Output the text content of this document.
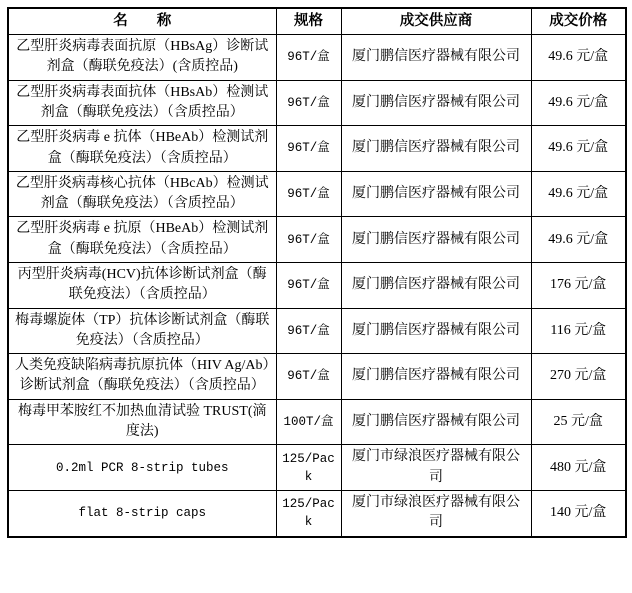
名　　称	规格	成交供应商	成交价格
乙型肝炎病毒表面抗原（HBsAg）诊断试剂盒（酶联免疫法）(含质控品)	96T/盒	厦门鹏信医疗器械有限公司	49.6 元/盒
乙型肝炎病毒表面抗体（HBsAb）检测试剂盒（酶联免疫法）（含质控品）	96T/盒	厦门鹏信医疗器械有限公司	49.6 元/盒
乙型肝炎病毒 e 抗体（HBeAb）检测试剂盒（酶联免疫法）（含质控品）	96T/盒	厦门鹏信医疗器械有限公司	49.6 元/盒
乙型肝炎病毒核心抗体（HBcAb）检测试剂盒（酶联免疫法）（含质控品）	96T/盒	厦门鹏信医疗器械有限公司	49.6 元/盒
乙型肝炎病毒 e 抗原（HBeAb）检测试剂盒（酶联免疫法）（含质控品）	96T/盒	厦门鹏信医疗器械有限公司	49.6 元/盒
丙型肝炎病毒(HCV)抗体诊断试剂盒（酶联免疫法）（含质控品）	96T/盒	厦门鹏信医疗器械有限公司	176 元/盒
梅毒螺旋体（TP）抗体诊断试剂盒（酶联免疫法）（含质控品）	96T/盒	厦门鹏信医疗器械有限公司	116 元/盒
人类免疫缺陷病毒抗原抗体（HIV Ag/Ab）诊断试剂盒（酶联免疫法）（含质控品）	96T/盒	厦门鹏信医疗器械有限公司	270 元/盒
梅毒甲苯胺红不加热血清试验 TRUST(滴度法)	100T/盒	厦门鹏信医疗器械有限公司	25 元/盒
0.2ml PCR 8-strip tubes	125/Pack	厦门市绿浪医疗器械有限公司	480 元/盒
flat 8-strip caps	125/Pack	厦门市绿浪医疗器械有限公司	140 元/盒
